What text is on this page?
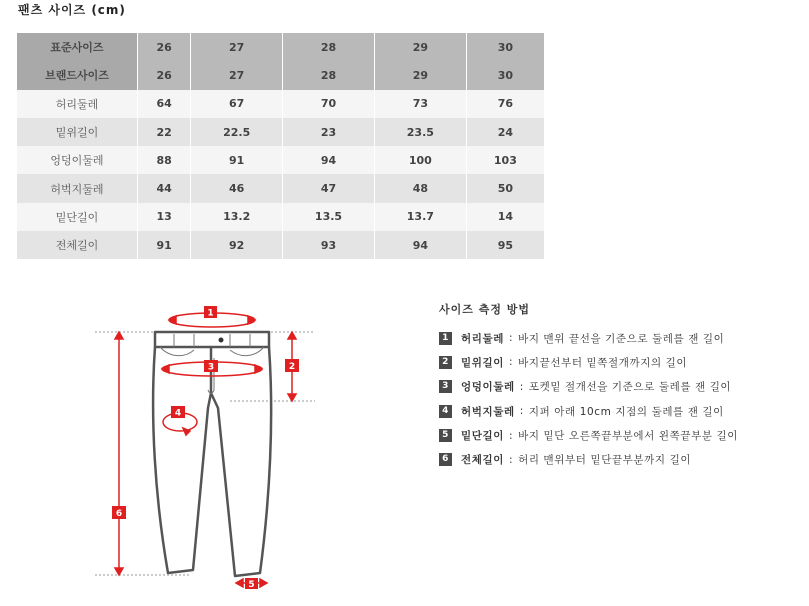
팬츠 사이즈 (cm)
표준사이즈	26	27	28	29	30
브랜드사이즈	26	27	28	29	30
허리둘레	64	67	70	73	76
밑위길이	22	22.5	23	23.5	24
엉덩이둘레	88	91	94	100	103
허벅지둘레	44	46	47	48	50
밑단길이	13	13.2	13.5	13.7	14
전체길이	91	92	93	94	95
1
2
3
4
5
6
사이즈 측정 방법
1 허리둘레 : 바지 맨위 끝선을 기준으로 둘레를 잰 길이
2 밑위길이 : 바지끝선부터 밑쪽절개까지의 길이
3 엉덩이둘레 : 포켓밑 절개선을 기준으로 둘레를 잰 길이
4 허벅지둘레 : 지퍼 아래 10cm 지점의 둘레를 잰 길이
5 밑단길이 : 바지 밑단 오른쪽끝부분에서 왼쪽끝부분 길이
6 전체길이 : 허리 맨위부터 밑단끝부분까지 길이
